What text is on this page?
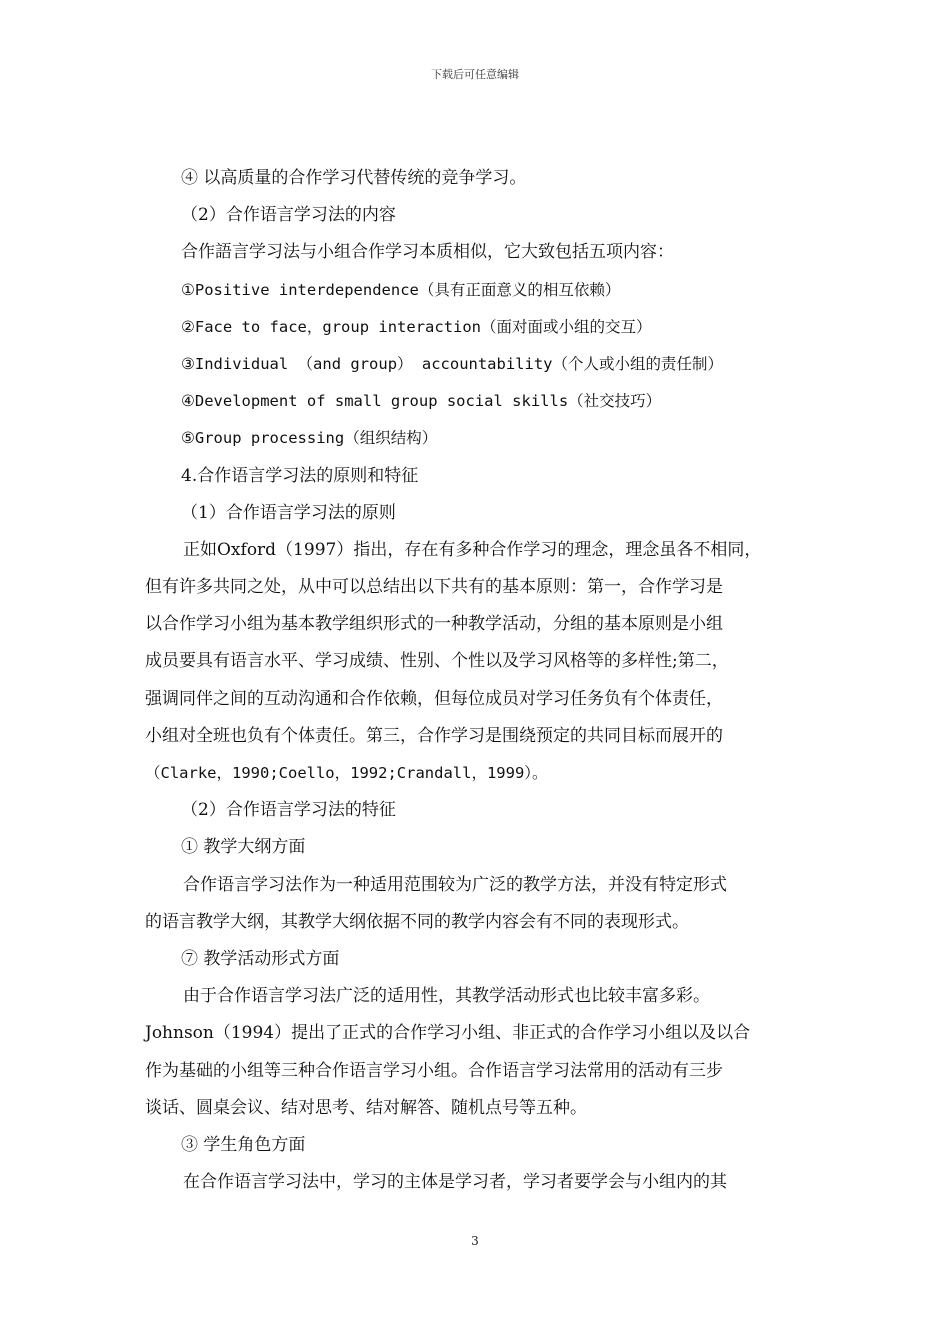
下载后可任意编辑
④ 以高质量的合作学习代替传统的竞争学习。
（2）合作语言学习法的内容
合作語言学习法与小组合作学习本质相似，它大致包括五项内容：
①Positive interdependence（具有正面意义的相互依赖）
②Face to face，group interaction（面对面或小组的交互）
③Individual （and group） accountability（个人或小组的责任制）
④Development of small group social skills（社交技巧）
⑤Group processing（组织结构）
4.合作语言学习法的原则和特征
（1）合作语言学习法的原则
正如Oxford（1997）指出，存在有多种合作学习的理念，理念虽各不相同，
但有许多共同之处，从中可以总结出以下共有的基本原则：第一，合作学习是
以合作学习小组为基本教学组织形式的一种教学活动，分组的基本原则是小组
成员要具有语言水平、学习成绩、性别、个性以及学习风格等的多样性;第二，
强调同伴之间的互动沟通和合作依赖，但每位成员对学习任务负有个体责任，
小组对全班也负有个体责任。第三，合作学习是围绕预定的共同目标而展开的
（Clarke，1990;Coello，1992;Crandall，1999）。
（2）合作语言学习法的特征
① 教学大纲方面
合作语言学习法作为一种适用范围较为广泛的教学方法，并没有特定形式
的语言教学大纲，其教学大纲依据不同的教学内容会有不同的表现形式。
⑦ 教学活动形式方面
由于合作语言学习法广泛的适用性，其教学活动形式也比较丰富多彩。
Johnson（1994）提出了正式的合作学习小组、非正式的合作学习小组以及以合
作为基础的小组等三种合作语言学习小组。合作语言学习法常用的活动有三步
谈话、圆桌会议、结对思考、结对解答、随机点号等五种。
③ 学生角色方面
在合作语言学习法中，学习的主体是学习者，学习者要学会与小组内的其
3
